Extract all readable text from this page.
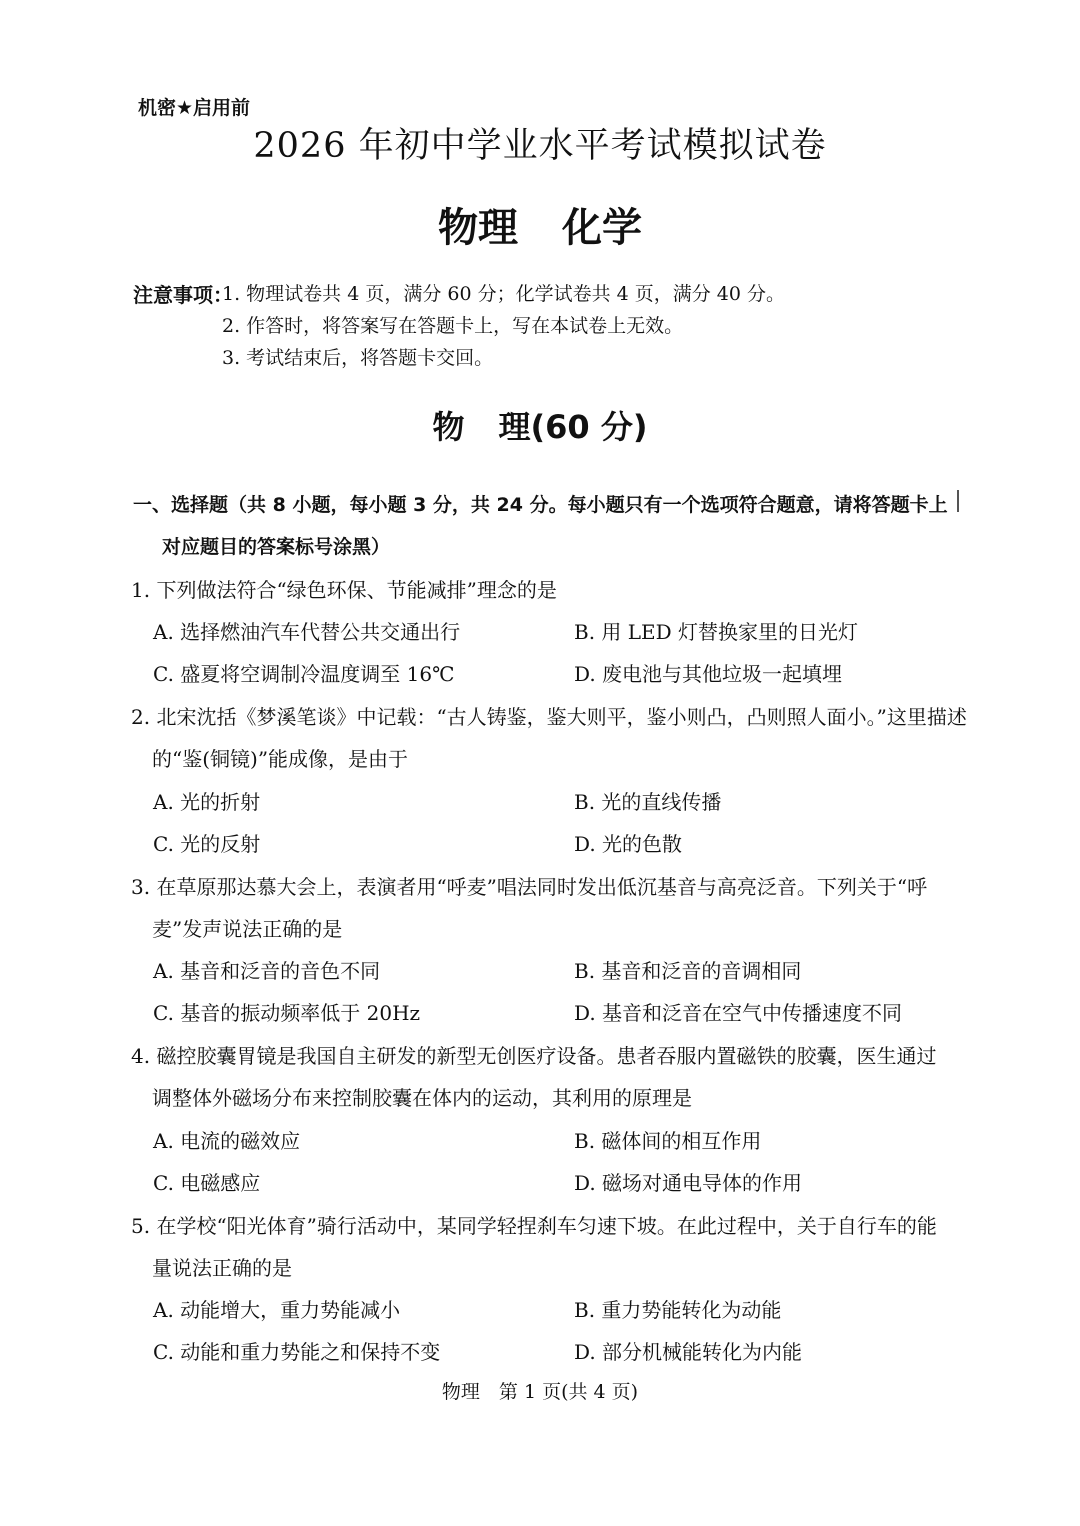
机密★启用前
2026 年初中学业水平考试模拟试卷
物理 化学
注意事项：
1. 物理试卷共 4 页，满分 60 分；化学试卷共 4 页，满分 40 分。
2. 作答时，将答案写在答题卡上，写在本试卷上无效。
3. 考试结束后，将答题卡交回。
物 理(60 分)
一、选择题（共 8 小题，每小题 3 分，共 24 分。每小题只有一个选项符合题意，请将答题卡上
对应题目的答案标号涂黑）
1. 下列做法符合“绿色环保、节能减排”理念的是
A. 选择燃油汽车代替公共交通出行	B. 用 LED 灯替换家里的日光灯
C. 盛夏将空调制冷温度调至 16℃	D. 废电池与其他垃圾一起填埋
2. 北宋沈括《梦溪笔谈》中记载：“古人铸鉴，鉴大则平，鉴小则凸，凸则照人面小。”这里描述
的“鉴(铜镜)”能成像，是由于
A. 光的折射	B. 光的直线传播
C. 光的反射	D. 光的色散
3. 在草原那达慕大会上，表演者用“呼麦”唱法同时发出低沉基音与高亮泛音。下列关于“呼
麦”发声说法正确的是
A. 基音和泛音的音色不同	B. 基音和泛音的音调相同
C. 基音的振动频率低于 20Hz	D. 基音和泛音在空气中传播速度不同
4. 磁控胶囊胃镜是我国自主研发的新型无创医疗设备。患者吞服内置磁铁的胶囊，医生通过
调整体外磁场分布来控制胶囊在体内的运动，其利用的原理是
A. 电流的磁效应	B. 磁体间的相互作用
C. 电磁感应	D. 磁场对通电导体的作用
5. 在学校“阳光体育”骑行活动中，某同学轻捏刹车匀速下坡。在此过程中，关于自行车的能
量说法正确的是
A. 动能增大，重力势能减小	B. 重力势能转化为动能
C. 动能和重力势能之和保持不变	D. 部分机械能转化为内能
物理　第 1 页(共 4 页)
